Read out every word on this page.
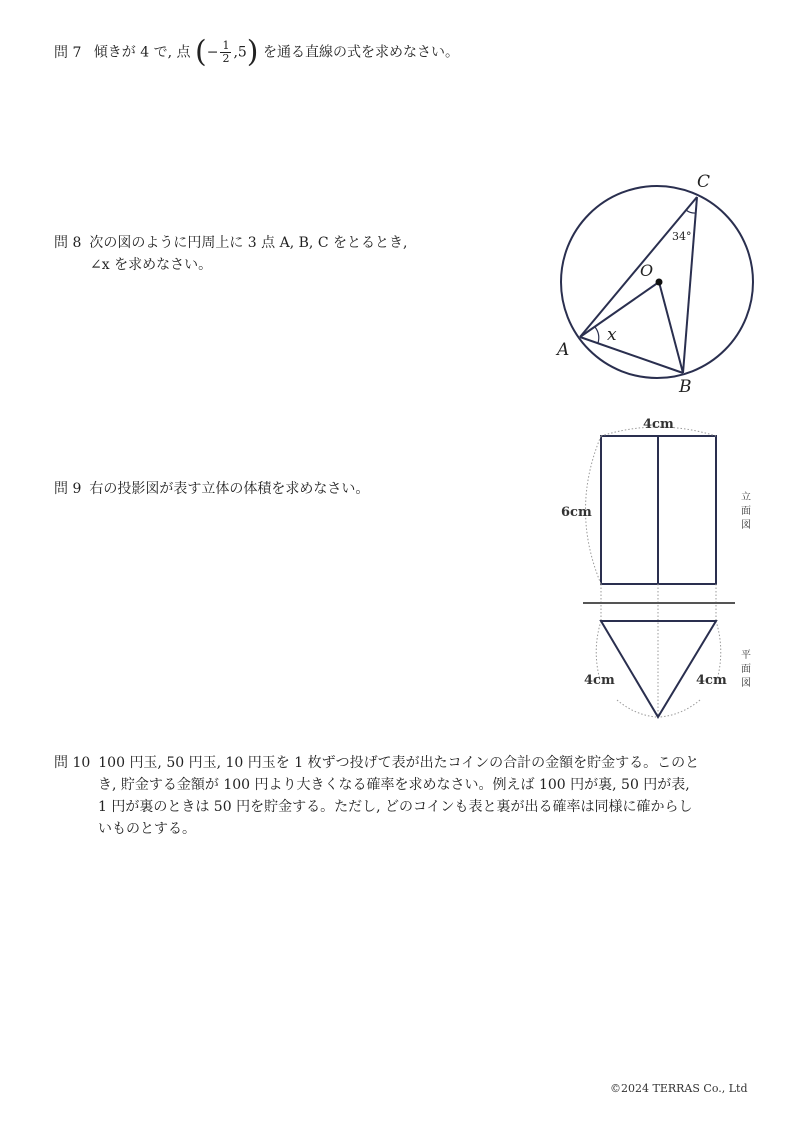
問 7 傾きが 4 で, 点 (− $\frac{1}{2} ,5$) を通る直線の式を求めなさい。
問 8 次の図のように円周上に 3 点 A, B, C をとるとき,
∠x を求めなさい。
問 9 右の投影図が表す立体の体積を求めなさい。
問 10 100 円玉, 50 円玉, 10 円玉を 1 枚ずつ投げて表が出たコインの合計の金額を貯金する。このと
き, 貯金する金額が 100 円より大きくなる確率を求めなさい。例えば 100 円が裏, 50 円が表,
1 円が裏のときは 50 円を貯金する。ただし, どのコインも表と裏が出る確率は同様に確からし
いものとする。
A
B
C
O
x
34°
4cm
6cm
4cm	4cm
立
面
図
平
面
図
©2024 TERRAS Co., Ltd
